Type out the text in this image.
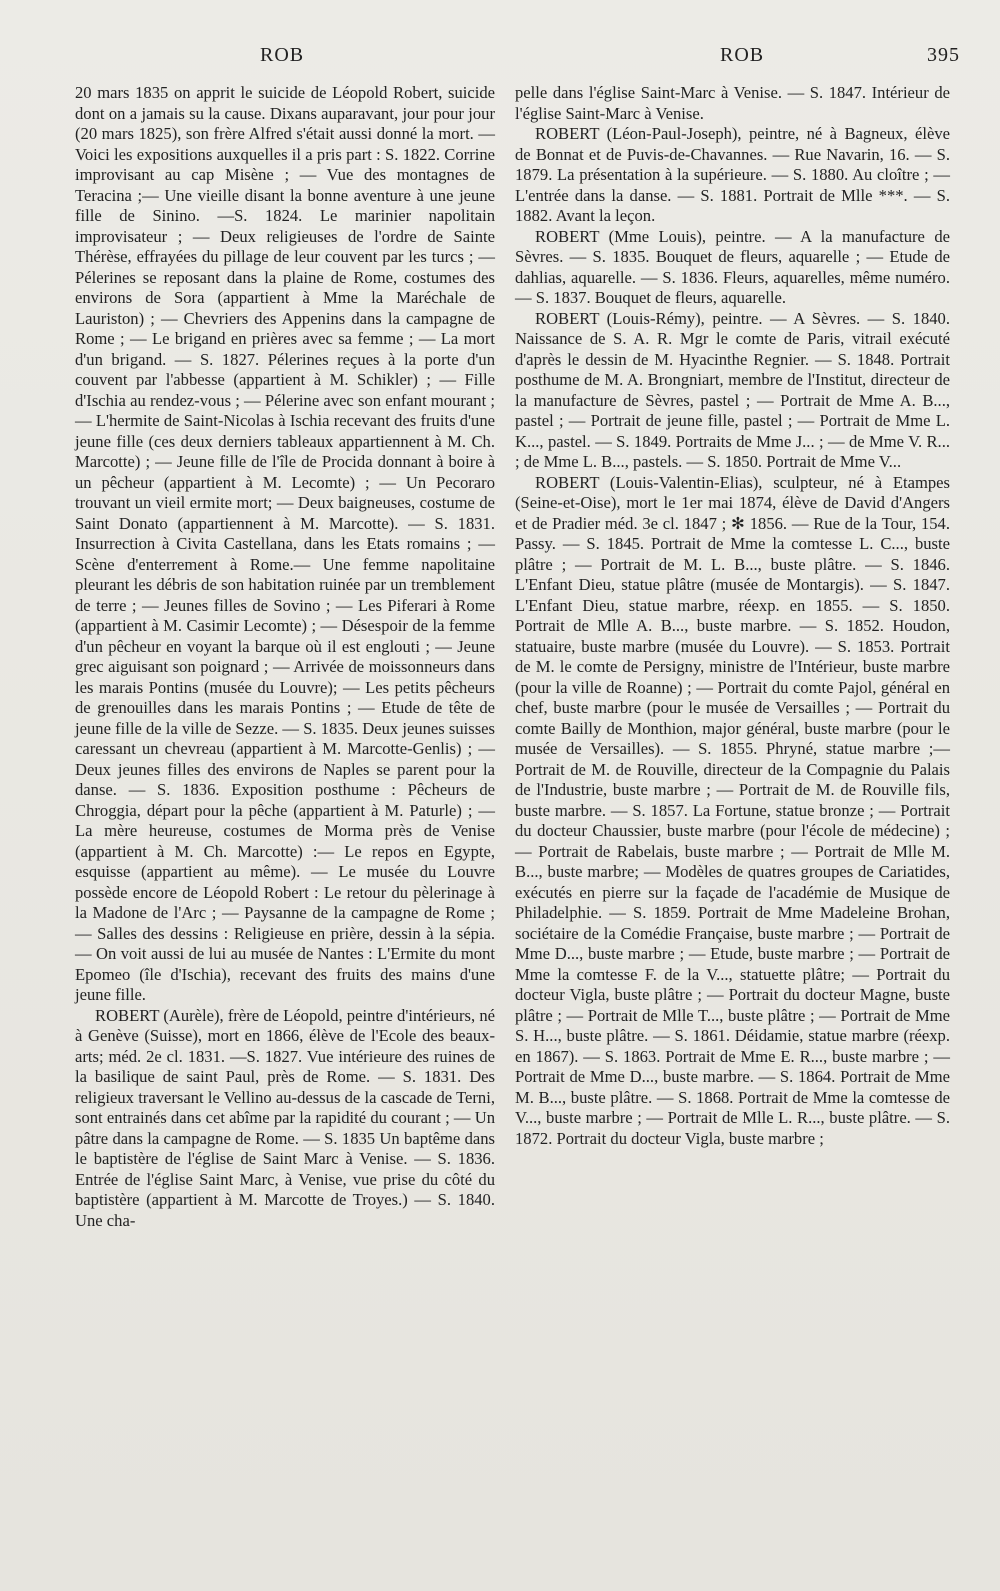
ROB	ROB	395

20 mars 1835 on apprit le suicide de Léopold Robert, suicide dont on a jamais su la cause. Dixans auparavant, jour pour jour (20 mars 1825), son frère Alfred s'était aussi donné la mort. — Voici les expositions auxquelles il a pris part : S. 1822. Corrine improvisant au cap Misène ; — Vue des montagnes de Teracina ;— Une vieille disant la bonne aventure à une jeune fille de Sinino. —S. 1824. Le marinier napolitain improvisateur ; — Deux religieuses de l'ordre de Sainte Thérèse, effrayées du pillage de leur couvent par les turcs ; — Pélerines se reposant dans la plaine de Rome, costumes des environs de Sora (appartient à Mme la Maréchale de Lauriston) ; — Chevriers des Appenins dans la campagne de Rome ; — Le brigand en prières avec sa femme ; — La mort d'un brigand. — S. 1827. Pélerines reçues à la porte d'un couvent par l'abbesse (appartient à M. Schikler) ; — Fille d'Ischia au rendez-vous ; — Pélerine avec son enfant mourant ; — L'hermite de Saint-Nicolas à Ischia recevant des fruits d'une jeune fille (ces deux derniers tableaux appartiennent à M. Ch. Marcotte) ; — Jeune fille de l'île de Procida donnant à boire à un pêcheur (appartient à M. Lecomte) ; — Un Pecoraro trouvant un vieil ermite mort; — Deux baigneuses, costume de Saint Donato (appartiennent à M. Marcotte). — S. 1831. Insurrection à Civita Castellana, dans les Etats romains ; — Scène d'enterrement à Rome.— Une femme napolitaine pleurant les débris de son habitation ruinée par un tremblement de terre ; — Jeunes filles de Sovino ; — Les Piferari à Rome (appartient à M. Casimir Lecomte) ; — Désespoir de la femme d'un pêcheur en voyant la barque où il est englouti ; — Jeune grec aiguisant son poignard ; — Arrivée de moissonneurs dans les marais Pontins (musée du Louvre); — Les petits pêcheurs de grenouilles dans les marais Pontins ; — Etude de tête de jeune fille de la ville de Sezze. — S. 1835. Deux jeunes suisses caressant un chevreau (appartient à M. Marcotte-Genlis) ; — Deux jeunes filles des environs de Naples se parent pour la danse. — S. 1836. Exposition posthume : Pêcheurs de Chroggia, départ pour la pêche (appartient à M. Paturle) ; — La mère heureuse, costumes de Morma près de Venise (appartient à M. Ch. Marcotte) :— Le repos en Egypte, esquisse (appartient au même). — Le musée du Louvre possède encore de Léopold Robert : Le retour du pèlerinage à la Madone de l'Arc ; — Paysanne de la campagne de Rome ; — Salles des dessins : Religieuse en prière, dessin à la sépia. — On voit aussi de lui au musée de Nantes : L'Ermite du mont Epomeo (île d'Ischia), recevant des fruits des mains d'une jeune fille.

ROBERT (Aurèle), frère de Léopold, peintre d'intérieurs, né à Genève (Suisse), mort en 1866, élève de l'Ecole des beaux-arts; méd. 2e cl. 1831. —S. 1827. Vue intérieure des ruines de la basilique de saint Paul, près de Rome. — S. 1831. Des religieux traversant le Vellino au-dessus de la cascade de Terni, sont entrainés dans cet abîme par la rapidité du courant ; — Un pâtre dans la campagne de Rome. — S. 1835 Un baptême dans le baptistère de l'église de Saint Marc à Venise. — S. 1836. Entrée de l'église Saint Marc, à Venise, vue prise du côté du baptistère (appartient à M. Marcotte de Troyes.) — S. 1840. Une cha-

pelle dans l'église Saint-Marc à Venise. — S. 1847. Intérieur de l'église Saint-Marc à Venise.

ROBERT (Léon-Paul-Joseph), peintre, né à Bagneux, élève de Bonnat et de Puvis-de-Chavannes. — Rue Navarin, 16. — S. 1879. La présentation à la supérieure. — S. 1880. Au cloître ; — L'entrée dans la danse. — S. 1881. Portrait de Mlle ***. — S. 1882. Avant la leçon.

ROBERT (Mme Louis), peintre. — A la manufacture de Sèvres. — S. 1835. Bouquet de fleurs, aquarelle ; — Etude de dahlias, aquarelle. — S. 1836. Fleurs, aquarelles, même numéro. — S. 1837. Bouquet de fleurs, aquarelle.

ROBERT (Louis-Rémy), peintre. — A Sèvres. — S. 1840. Naissance de S. A. R. Mgr le comte de Paris, vitrail exécuté d'après le dessin de M. Hyacinthe Regnier. — S. 1848. Portrait posthume de M. A. Brongniart, membre de l'Institut, directeur de la manufacture de Sèvres, pastel ; — Portrait de Mme A. B..., pastel ; — Portrait de jeune fille, pastel ; — Portrait de Mme L. K..., pastel. — S. 1849. Portraits de Mme J... ; — de Mme V. R... ; de Mme L. B..., pastels. — S. 1850. Portrait de Mme V...

ROBERT (Louis-Valentin-Elias), sculpteur, né à Etampes (Seine-et-Oise), mort le 1er mai 1874, élève de David d'Angers et de Pradier méd. 3e cl. 1847 ; ✻ 1856. — Rue de la Tour, 154. Passy. — S. 1845. Portrait de Mme la comtesse L. C..., buste plâtre ; — Portrait de M. L. B..., buste plâtre. — S. 1846. L'Enfant Dieu, statue plâtre (musée de Montargis). — S. 1847. L'Enfant Dieu, statue marbre, réexp. en 1855. — S. 1850. Portrait de Mlle A. B..., buste marbre. — S. 1852. Houdon, statuaire, buste marbre (musée du Louvre). — S. 1853. Portrait de M. le comte de Persigny, ministre de l'Intérieur, buste marbre (pour la ville de Roanne) ; — Portrait du comte Pajol, général en chef, buste marbre (pour le musée de Versailles ; — Portrait du comte Bailly de Monthion, major général, buste marbre (pour le musée de Versailles). — S. 1855. Phryné, statue marbre ;— Portrait de M. de Rouville, directeur de la Compagnie du Palais de l'Industrie, buste marbre ; — Portrait de M. de Rouville fils, buste marbre. — S. 1857. La Fortune, statue bronze ; — Portrait du docteur Chaussier, buste marbre (pour l'école de médecine) ; — Portrait de Rabelais, buste marbre ; — Portrait de Mlle M. B..., buste marbre; — Modèles de quatres groupes de Cariatides, exécutés en pierre sur la façade de l'académie de Musique de Philadelphie. — S. 1859. Portrait de Mme Madeleine Brohan, sociétaire de la Comédie Française, buste marbre ; — Portrait de Mme D..., buste marbre ; — Etude, buste marbre ; — Portrait de Mme la comtesse F. de la V..., statuette plâtre; — Portrait du docteur Vigla, buste plâtre ; — Portrait du docteur Magne, buste plâtre ; — Portrait de Mlle T..., buste plâtre ; — Portrait de Mme S. H..., buste plâtre. — S. 1861. Déidamie, statue marbre (réexp. en 1867). — S. 1863. Portrait de Mme E. R..., buste marbre ; — Portrait de Mme D..., buste marbre. — S. 1864. Portrait de Mme M. B..., buste plâtre. — S. 1868. Portrait de Mme la comtesse de V..., buste marbre ; — Portrait de Mlle L. R..., buste plâtre. — S. 1872. Portrait du docteur Vigla, buste marbre ;
